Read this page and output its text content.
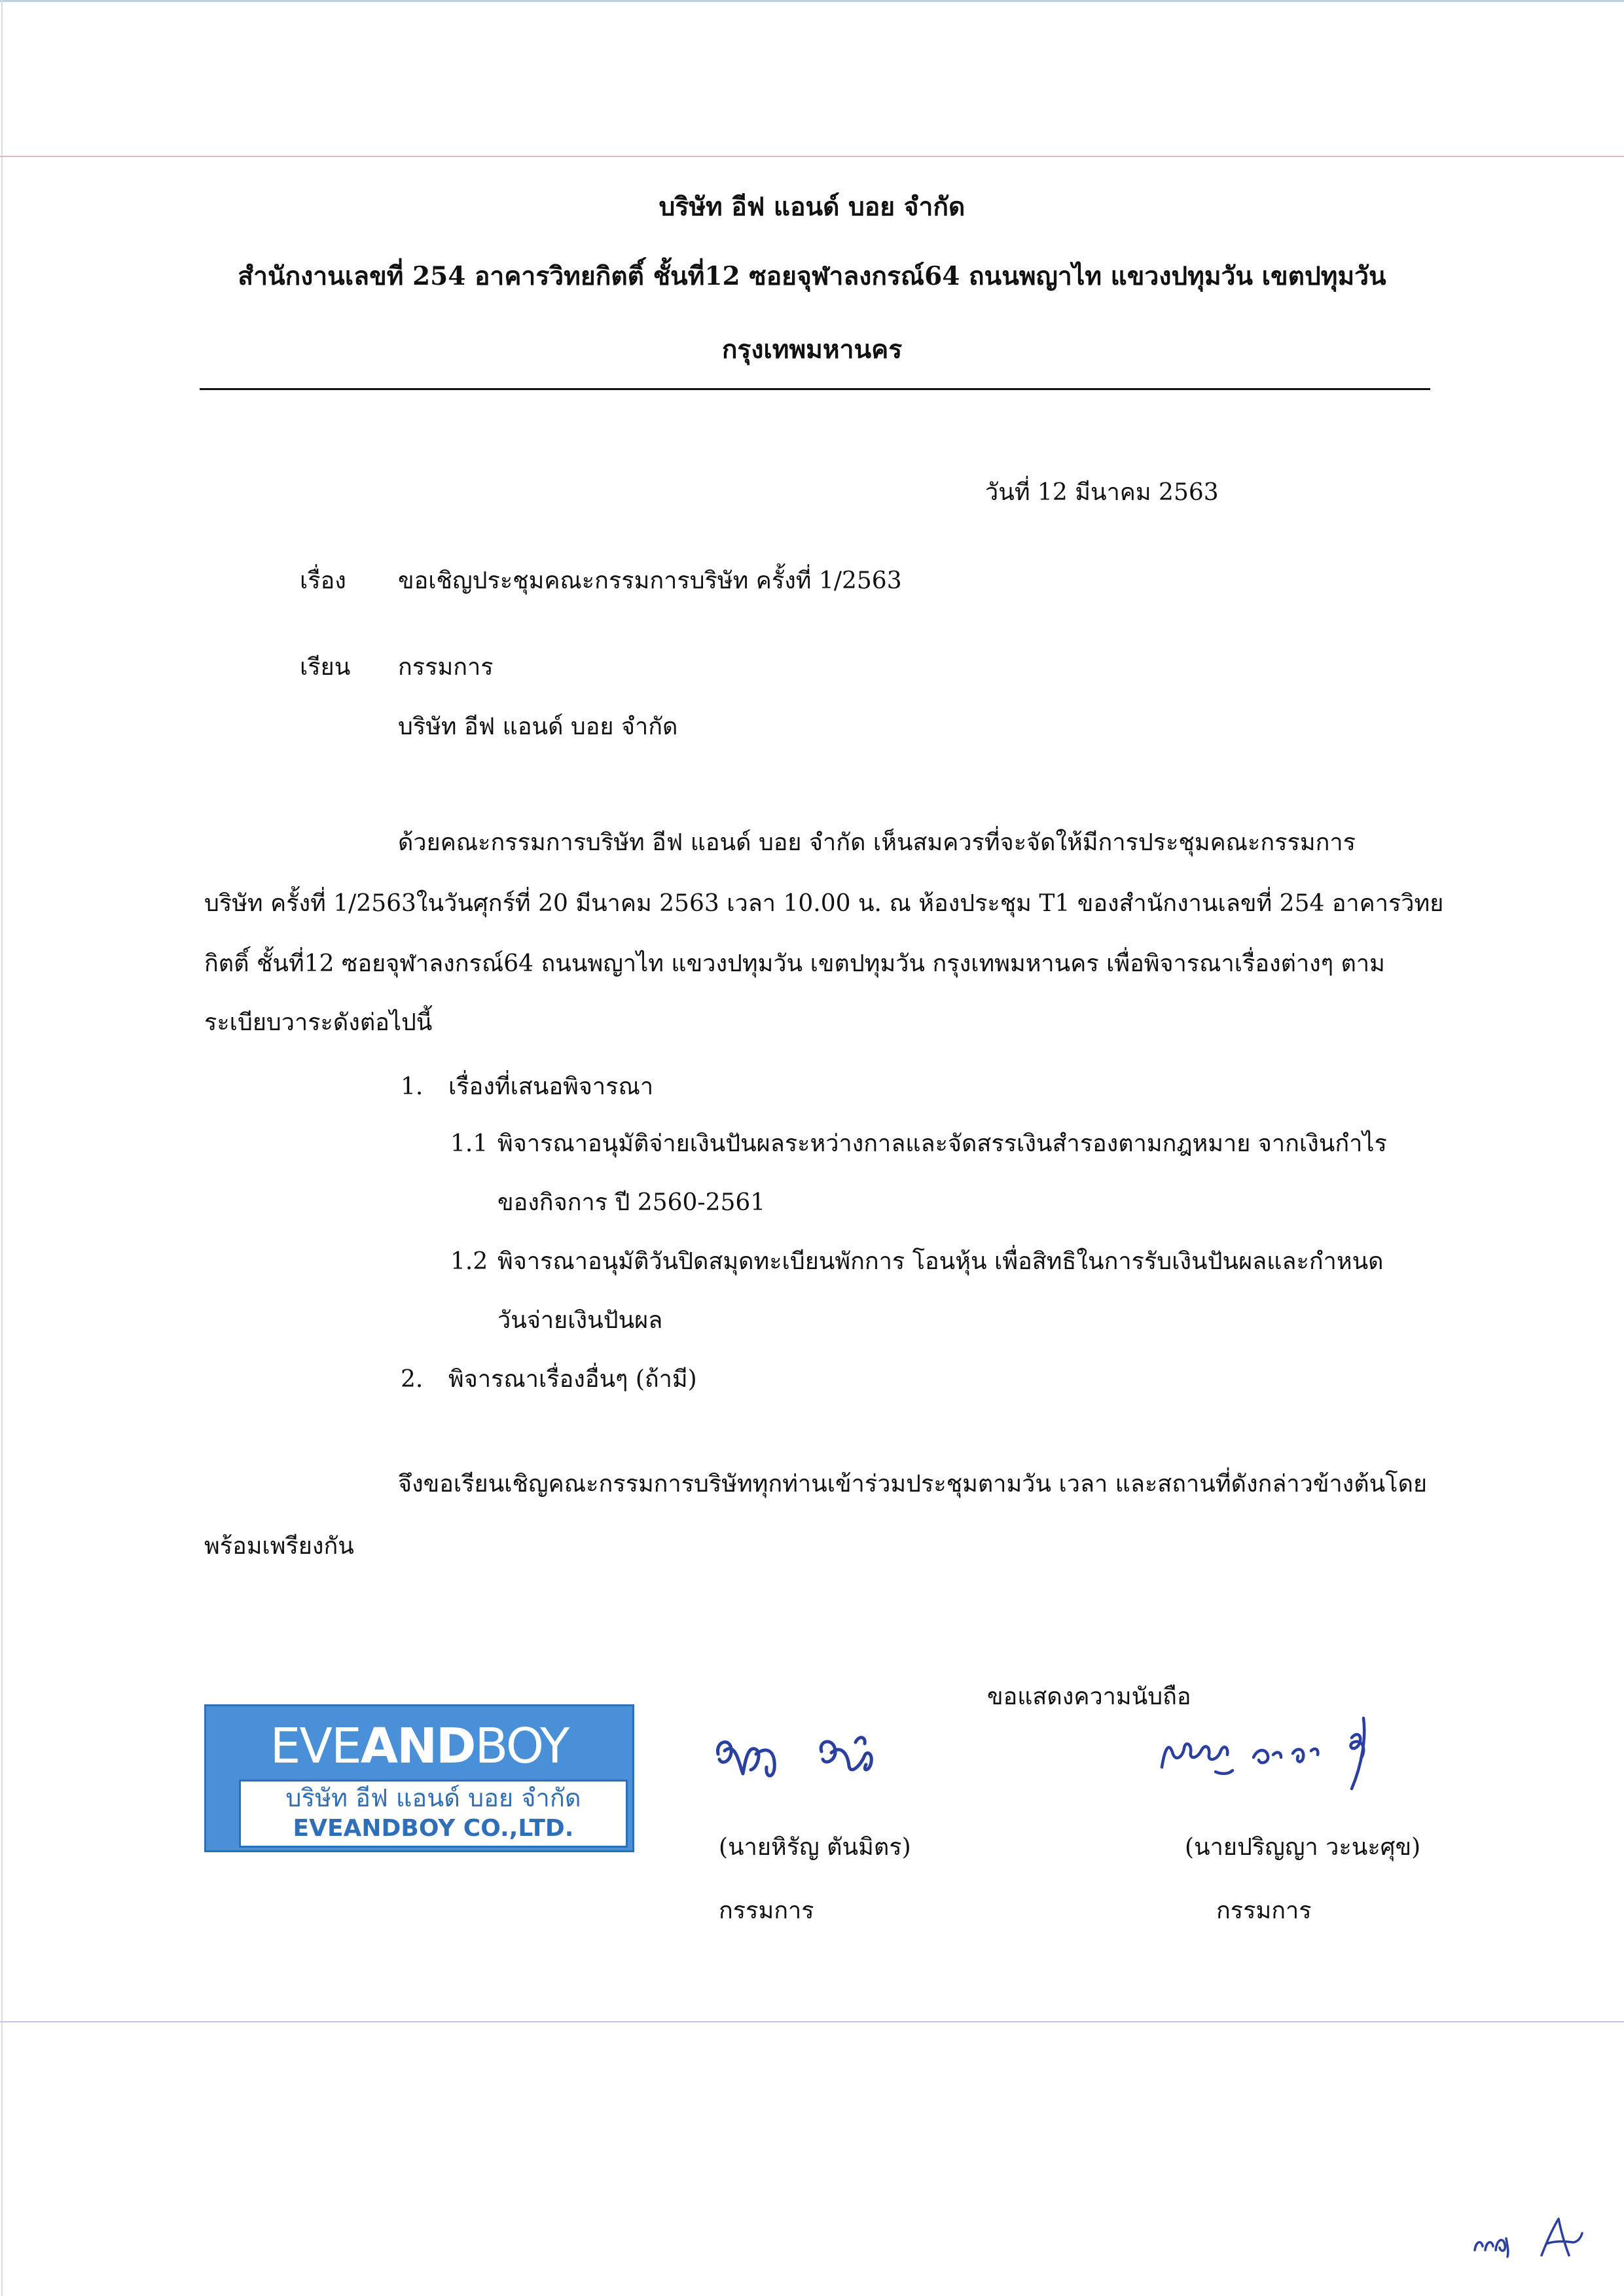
บริษัท อีฟ แอนด์ บอย จำกัด
สำนักงานเลขที่ 254 อาคารวิทยกิตติ์ ชั้นที่12 ซอยจุฬาลงกรณ์64 ถนนพญาไท แขวงปทุมวัน เขตปทุมวัน
กรุงเทพมหานคร
วันที่ 12 มีนาคม 2563
เรื่อง ขอเชิญประชุมคณะกรรมการบริษัท ครั้งที่ 1/2563
เรียน กรรมการ
บริษัท อีฟ แอนด์ บอย จำกัด
ด้วยคณะกรรมการบริษัท อีฟ แอนด์ บอย จำกัด เห็นสมควรที่จะจัดให้มีการประชุมคณะกรรมการ
บริษัท ครั้งที่ 1/2563ในวันศุกร์ที่ 20 มีนาคม 2563 เวลา 10.00 น. ณ ห้องประชุม T1 ของสำนักงานเลขที่ 254 อาคารวิทย
กิตติ์ ชั้นที่12 ซอยจุฬาลงกรณ์64 ถนนพญาไท แขวงปทุมวัน เขตปทุมวัน กรุงเทพมหานคร เพื่อพิจารณาเรื่องต่างๆ ตาม
ระเบียบวาระดังต่อไปนี้
1. เรื่องที่เสนอพิจารณา
1.1 พิจารณาอนุมัติจ่ายเงินปันผลระหว่างกาลและจัดสรรเงินสำรองตามกฎหมาย จากเงินกำไร
ของกิจการ ปี 2560-2561
1.2 พิจารณาอนุมัติวันปิดสมุดทะเบียนพักการ โอนหุ้น เพื่อสิทธิในการรับเงินปันผลและกำหนด
วันจ่ายเงินปันผล
2. พิจารณาเรื่องอื่นๆ (ถ้ามี)
จึงขอเรียนเชิญคณะกรรมการบริษัททุกท่านเข้าร่วมประชุมตามวัน เวลา และสถานที่ดังกล่าวข้างต้นโดย
พร้อมเพรียงกัน
ขอแสดงความนับถือ
EVEANDBOY
บริษัท อีฟ แอนด์ บอย จำกัด
EVEANDBOY CO.,LTD.
(นายหิรัญ ตันมิตร)
กรรมการ
(นายปริญญา วะนะศุข)
กรรมการ
